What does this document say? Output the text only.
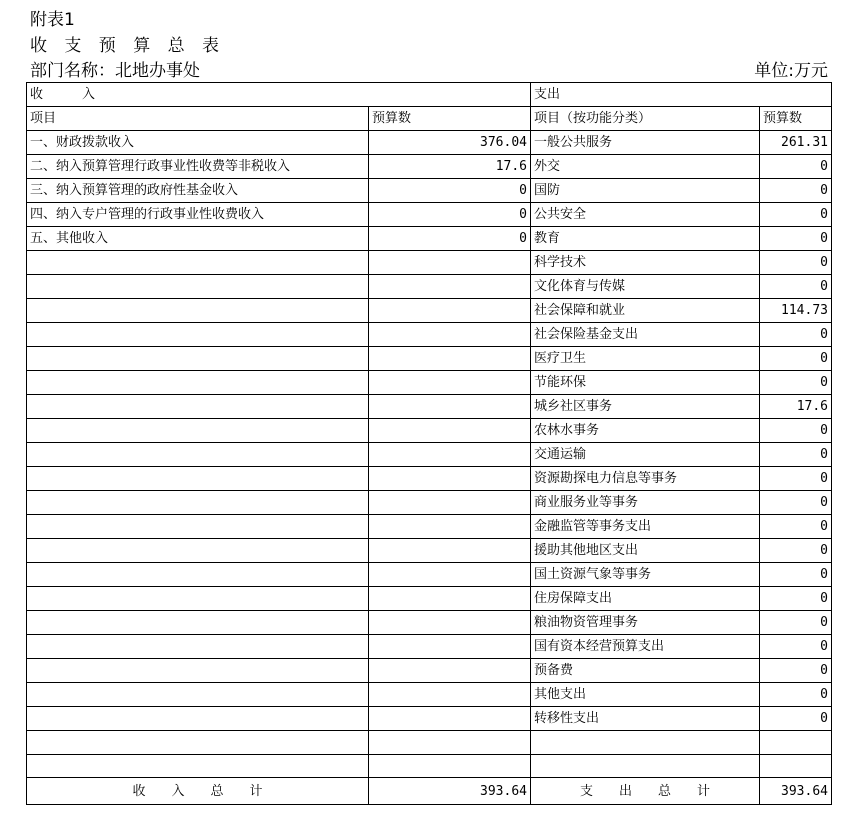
附表1
收 支 预 算 总 表
部门名称：北地办事处	单位:万元
收　　　入		支出	
项目	预算数	项目（按功能分类）	预算数
一、财政拨款收入	376.04	一般公共服务	261.31
二、纳入预算管理行政事业性收费等非税收入	17.6	外交	0
三、纳入预算管理的政府性基金收入	0	国防	0
四、纳入专户管理的行政事业性收费收入	0	公共安全	0
五、其他收入	0	教育	0
		科学技术	0
		文化体育与传媒	0
		社会保障和就业	114.73
		社会保险基金支出	0
		医疗卫生	0
		节能环保	0
		城乡社区事务	17.6
		农林水事务	0
		交通运输	0
		资源勘探电力信息等事务	0
		商业服务业等事务	0
		金融监管等事务支出	0
		援助其他地区支出	0
		国土资源气象等事务	0
		住房保障支出	0
		粮油物资管理事务	0
		国有资本经营预算支出	0
		预备费	0
		其他支出	0
		转移性支出	0

收　　入　　总　　计	393.64	支　　出　　总　　计	393.64
